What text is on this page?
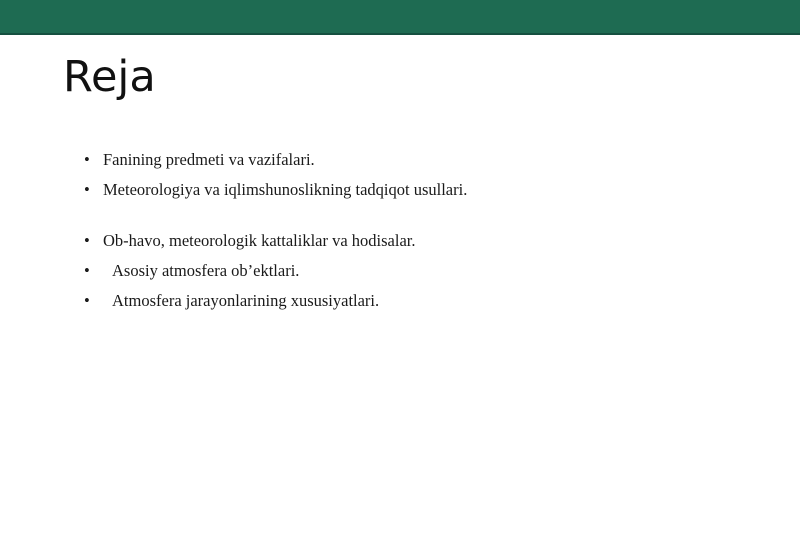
Reja
• Fanining predmeti va vazifalari.
• Meteorologiya va iqlimshunoslikning tadqiqot usullari.
• Ob-havo, meteorologik kattaliklar va hodisalar.
• Asosiy atmosfera ob’ektlari.
• Atmosfera jarayonlarining xususiyatlari.
